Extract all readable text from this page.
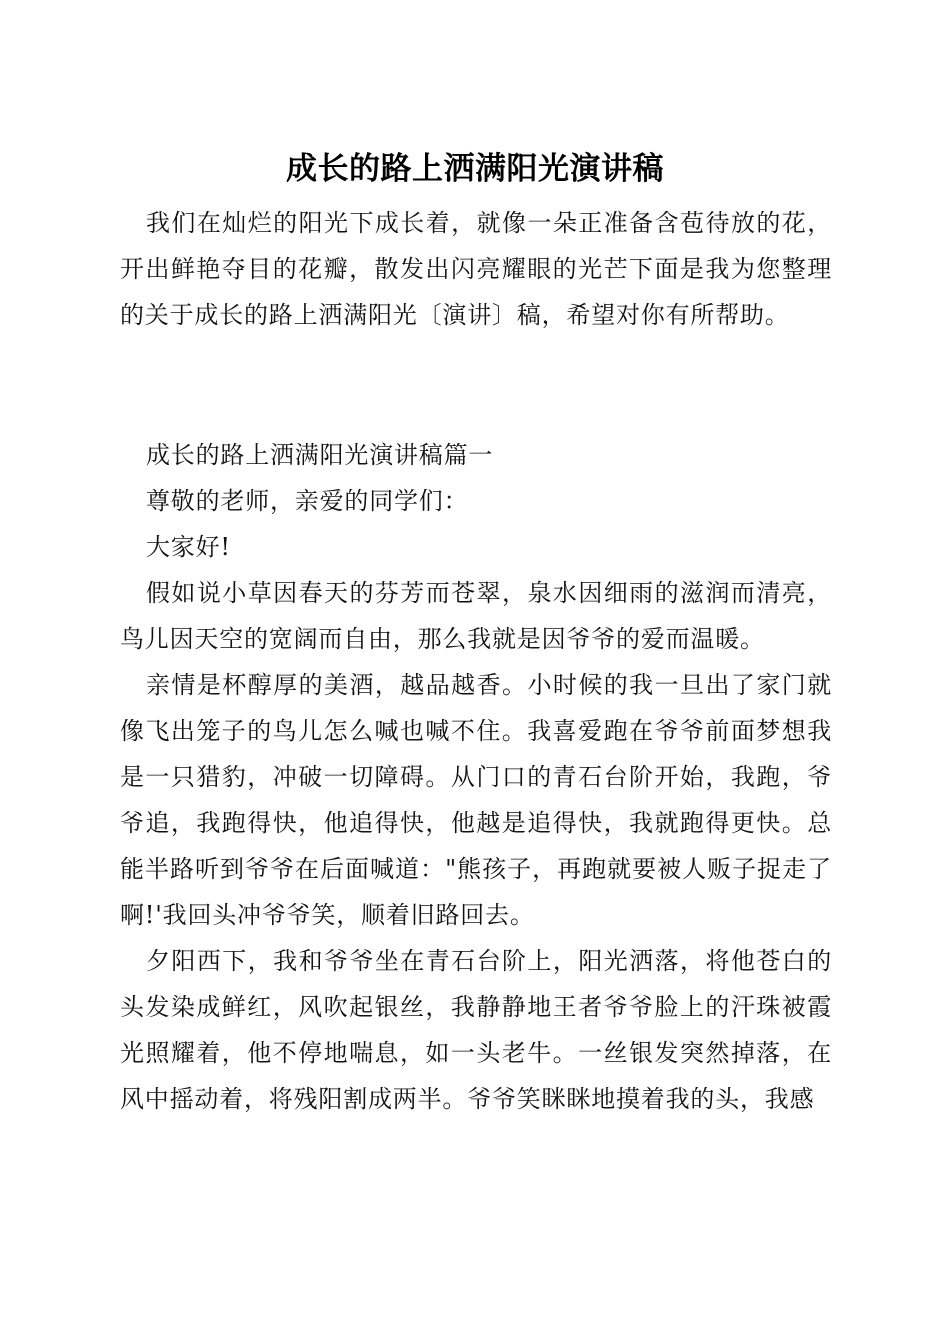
成长的路上洒满阳光演讲稿

我们在灿烂的阳光下成长着，就像一朵正准备含苞待放的花，开出鲜艳夺目的花瓣，散发出闪亮耀眼的光芒下面是我为您整理的关于成长的路上洒满阳光〔演讲〕稿，希望对你有所帮助。

成长的路上洒满阳光演讲稿篇一

尊敬的老师，亲爱的同学们：

大家好!

假如说小草因春天的芬芳而苍翠，泉水因细雨的滋润而清亮，鸟儿因天空的宽阔而自由，那么我就是因爷爷的爱而温暖。

亲情是杯醇厚的美酒，越品越香。小时候的我一旦出了家门就像飞出笼子的鸟儿怎么喊也喊不住。我喜爱跑在爷爷前面梦想我是一只猎豹，冲破一切障碍。从门口的青石台阶开始，我跑，爷爷追，我跑得快，他追得快，他越是追得快，我就跑得更快。总能半路听到爷爷在后面喊道："熊孩子，再跑就要被人贩子捉走了啊!'我回头冲爷爷笑，顺着旧路回去。

夕阳西下，我和爷爷坐在青石台阶上，阳光洒落，将他苍白的头发染成鲜红，风吹起银丝，我静静地王者爷爷脸上的汗珠被霞光照耀着，他不停地喘息，如一头老牛。一丝银发突然掉落，在风中摇动着，将残阳割成两半。爷爷笑眯眯地摸着我的头，我感
